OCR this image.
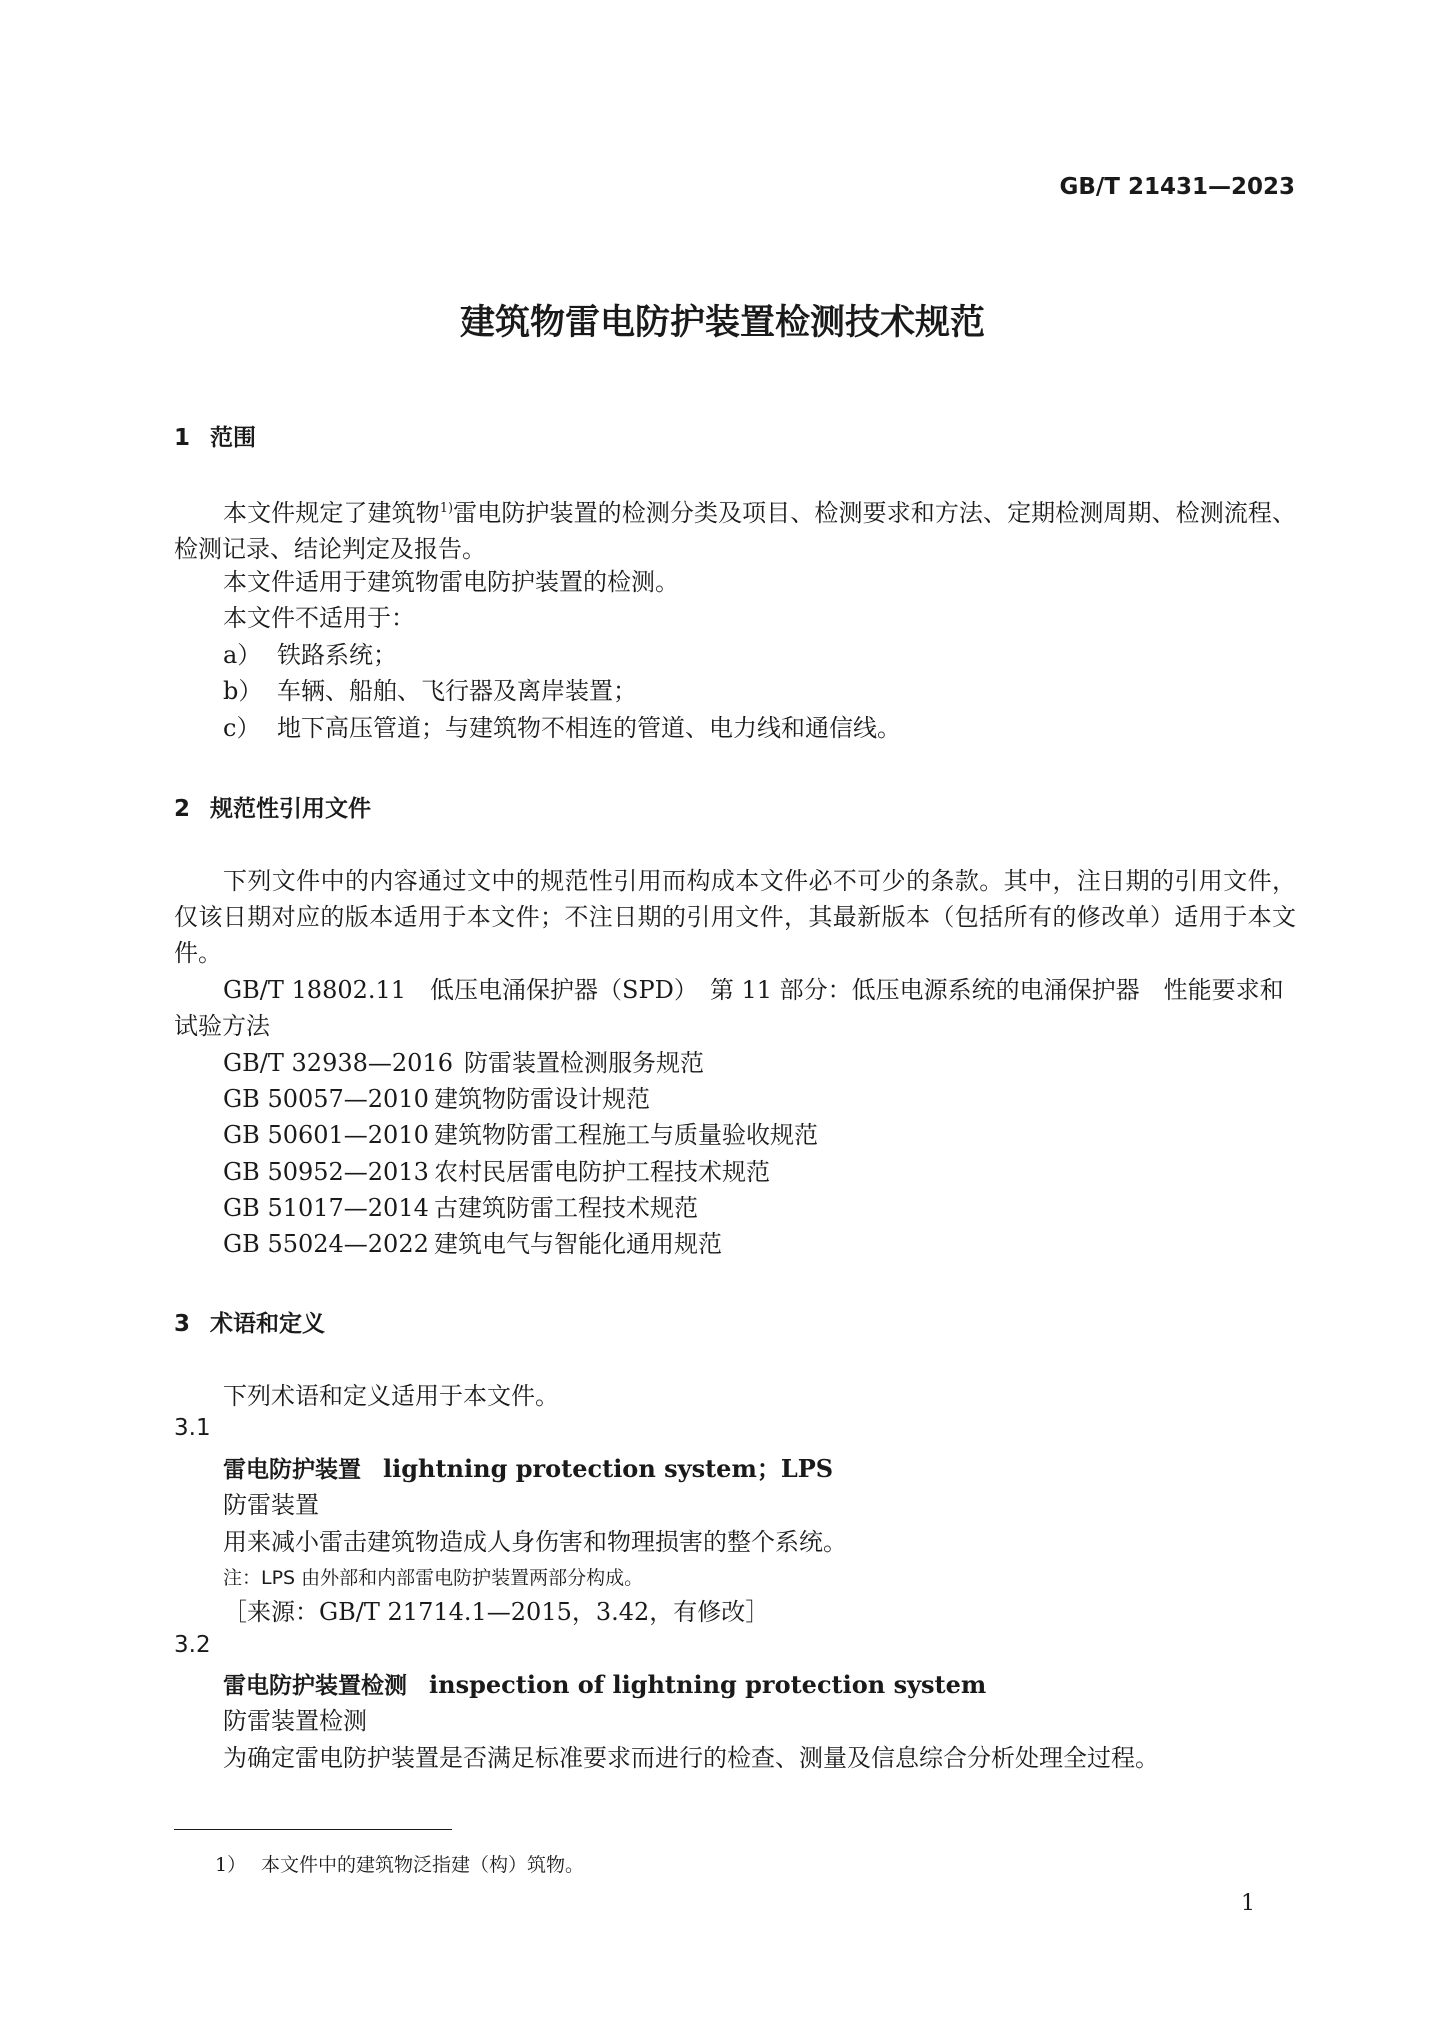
GB/T 21431—2023
建筑物雷电防护装置检测技术规范
1 范围
本文件规定了建筑物$^{1)}$雷电防护装置的检测分类及项目、检测要求和方法、定期检测周期、检测流程、检测记录、结论判定及报告。
本文件适用于建筑物雷电防护装置的检测。
本文件不适用于：
a） 铁路系统；
b） 车辆、船舶、飞行器及离岸装置；
c） 地下高压管道；与建筑物不相连的管道、电力线和通信线。
2 规范性引用文件
下列文件中的内容通过文中的规范性引用而构成本文件必不可少的条款。其中，注日期的引用文件，仅该日期对应的版本适用于本文件；不注日期的引用文件，其最新版本（包括所有的修改单）适用于本文件。
GB/T 18802.11　低压电涌保护器（SPD）　第 11 部分：低压电源系统的电涌保护器　性能要求和试验方法
GB/T 32938—2016 防雷装置检测服务规范
GB 50057—2010 建筑物防雷设计规范
GB 50601—2010 建筑物防雷工程施工与质量验收规范
GB 50952—2013 农村民居雷电防护工程技术规范
GB 51017—2014 古建筑防雷工程技术规范
GB 55024—2022 建筑电气与智能化通用规范
3 术语和定义
下列术语和定义适用于本文件。
3.1
雷电防护装置 lightning protection system；LPS
防雷装置
用来减小雷击建筑物造成人身伤害和物理损害的整个系统。
注：LPS 由外部和内部雷电防护装置两部分构成。
［来源：GB/T 21714.1—2015，3.42，有修改］
3.2
雷电防护装置检测 inspection of lightning protection system
防雷装置检测
为确定雷电防护装置是否满足标准要求而进行的检查、测量及信息综合分析处理全过程。
1） 本文件中的建筑物泛指建（构）筑物。
1
